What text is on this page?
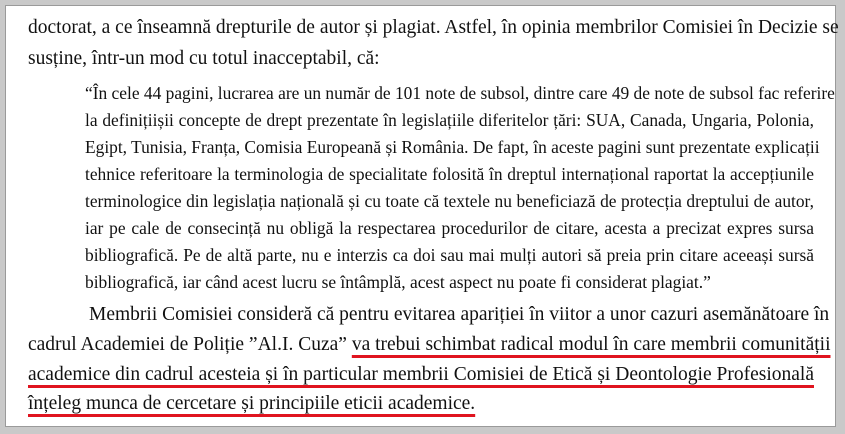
doctorat, a ce înseamnă drepturile de autor și plagiat. Astfel, în opinia membrilor Comisiei în Decizie se
susține, într-un mod cu totul inacceptabil, că:
“În cele 44 pagini, lucrarea are un număr de 101 note de subsol, dintre care 49 de note de subsol fac referire
la definițiișii concepte de drept prezentate în legislațiile diferitelor țări: SUA, Canada, Ungaria, Polonia,
Egipt, Tunisia, Franța, Comisia Europeană și România. De fapt, în aceste pagini sunt prezentate explicații
tehnice referitoare la terminologia de specialitate folosită în dreptul internațional raportat la accepțiunile
terminologice din legislația națională și cu toate că textele nu beneficiază de protecția dreptului de autor,
iar pe cale de consecință nu obligă la respectarea procedurilor de citare, acesta a precizat expres sursa
bibliografică. Pe de altă parte, nu e interzis ca doi sau mai mulți autori să preia prin citare aceeași sursă
bibliografică, iar când acest lucru se întâmplă, acest aspect nu poate fi considerat plagiat.”
Membrii Comisiei consideră că pentru evitarea apariției în viitor a unor cazuri asemănătoare în
cadrul Academiei de Poliție ”Al.I. Cuza” va trebui schimbat radical modul în care membrii comunității
academice din cadrul acesteia și în particular membrii Comisiei de Etică și Deontologie Profesională
înțeleg munca de cercetare și principiile eticii academice.
